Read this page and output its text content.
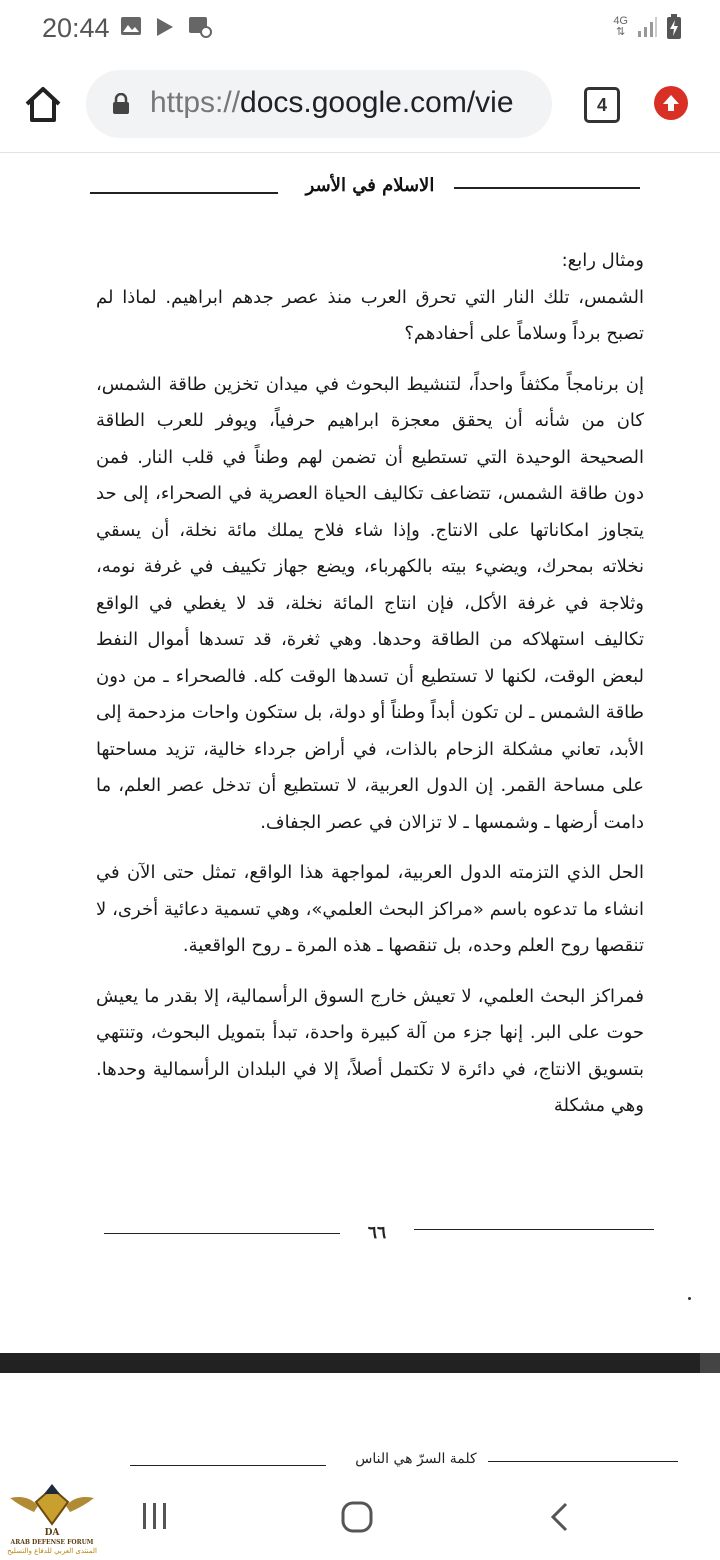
20:44	4G
⇅
https://docs.google.com/vie	4
الاسلام في الأسر

ومثال رابع:

الشمس، تلك النار التي تحرق العرب منذ عصر جدهم ابراهيم. لماذا لم تصبح برداً وسلاماً على أحفادهم؟

إن برنامجاً مكثفاً واحداً، لتنشيط البحوث في ميدان تخزين طاقة الشمس، كان من شأنه أن يحقق معجزة ابراهيم حرفياً، ويوفر للعرب الطاقة الصحيحة الوحيدة التي تستطيع أن تضمن لهم وطناً في قلب النار. فمن دون طاقة الشمس، تتضاعف تكاليف الحياة العصرية في الصحراء، إلى حد يتجاوز امكاناتها على الانتاج. وإذا شاء فلاح يملك مائة نخلة، أن يسقي نخلاته بمحرك، ويضيء بيته بالكهرباء، ويضع جهاز تكييف في غرفة نومه، وثلاجة في غرفة الأكل، فإن انتاج المائة نخلة، قد لا يغطي في الواقع تكاليف استهلاكه من الطاقة وحدها. وهي ثغرة، قد تسدها أموال النفط لبعض الوقت، لكنها لا تستطيع أن تسدها الوقت كله. فالصحراء ـ من دون طاقة الشمس ـ لن تكون أبداً وطناً أو دولة، بل ستكون واحات مزدحمة إلى الأبد، تعاني مشكلة الزحام بالذات، في أراض جرداء خالية، تزيد مساحتها على مساحة القمر. إن الدول العربية، لا تستطيع أن تدخل عصر العلم، ما دامت أرضها ـ وشمسها ـ لا تزالان في عصر الجفاف.

الحل الذي التزمته الدول العربية، لمواجهة هذا الواقع، تمثل حتى الآن في انشاء ما تدعوه باسم «مراكز البحث العلمي»، وهي تسمية دعائية أخرى، لا تنقصها روح العلم وحده، بل تنقصها ـ هذه المرة ـ روح الواقعية.

فمراكز البحث العلمي، لا تعيش خارج السوق الرأسمالية، إلا بقدر ما يعيش حوت على البر. إنها جزء من آلة كبيرة واحدة، تبدأ بتمويل البحوث، وتنتهي بتسويق الانتاج، في دائرة لا تكتمل أصلاً، إلا في البلدان الرأسمالية وحدها. وهي مشكلة

٦٦
كلمة السرّ هي الناس
DA
ARAB DEFENSE FORUM
المنتدى العربي للدفاع والتسليح
